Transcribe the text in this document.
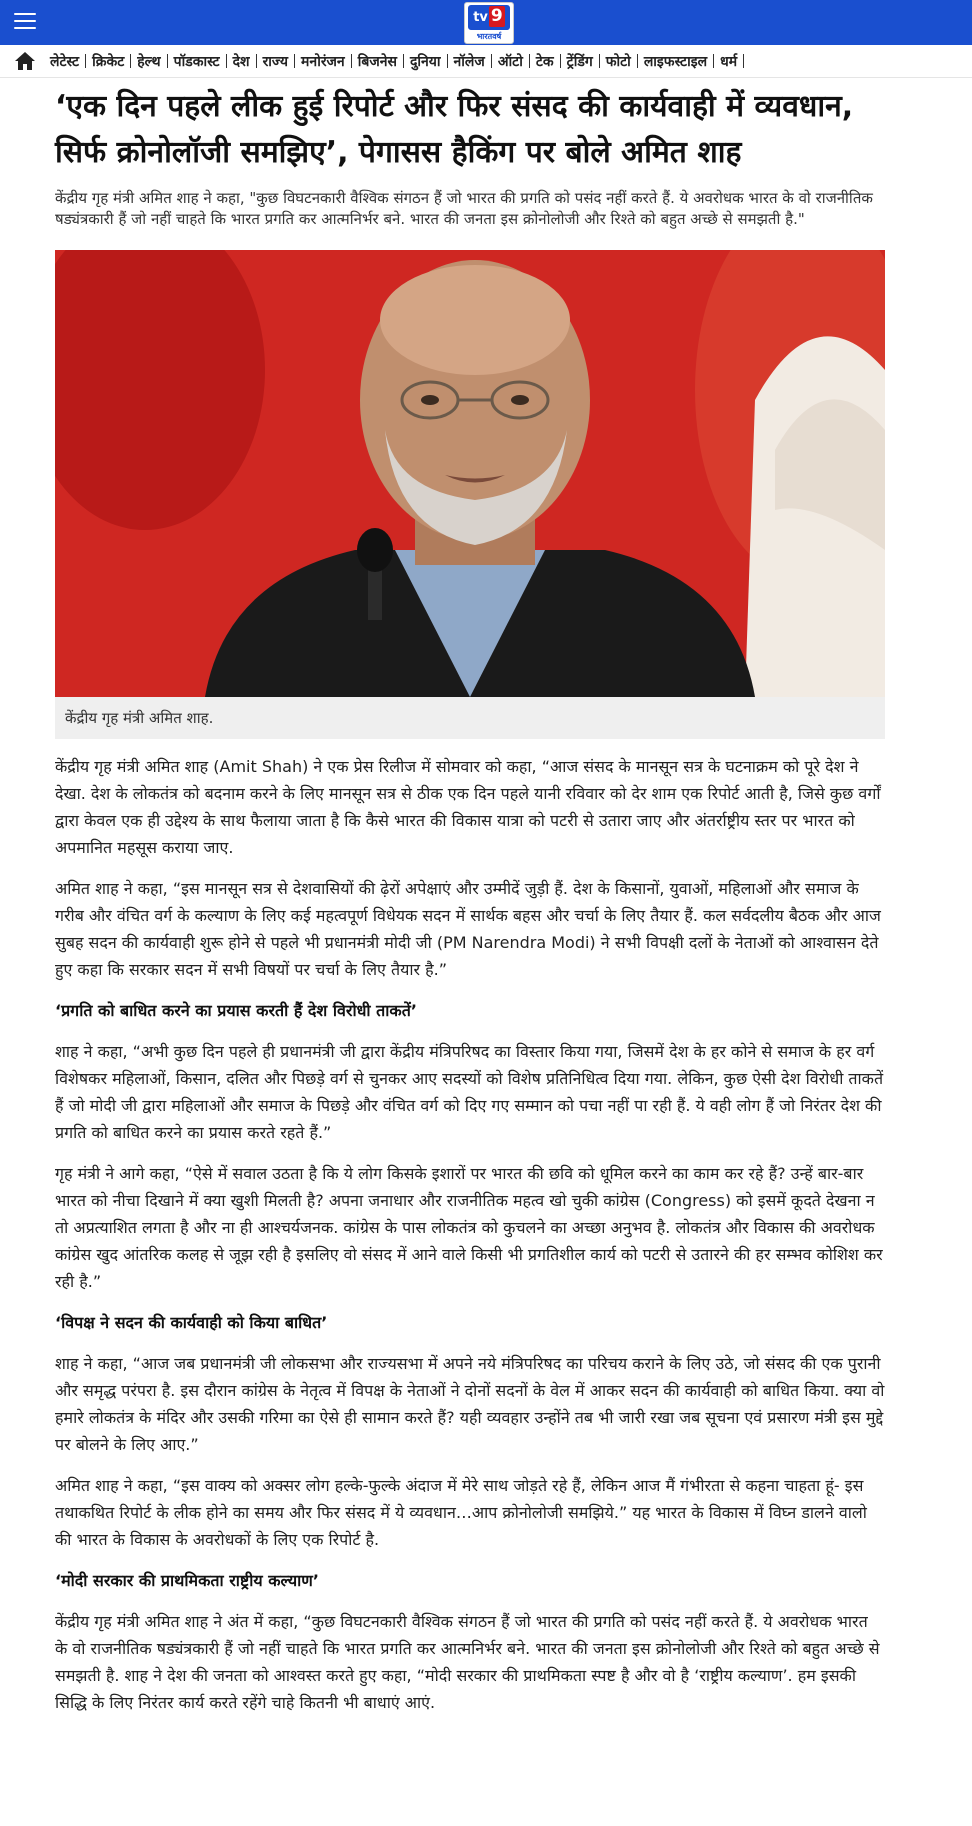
tv 9
भारतवर्ष
लेटेस्ट क्रिकेट हेल्थ पॉडकास्ट देश राज्य मनोरंजन बिजनेस दुनिया नॉलेज ऑटो टेक ट्रेंडिंग फोटो लाइफस्टाइल धर्म
‘एक दिन पहले लीक हुई रिपोर्ट और फिर संसद की कार्यवाही में व्यवधान, सिर्फ क्रोनोलॉजी समझिए’, पेगासस हैकिंग पर बोले अमित शाह

केंद्रीय गृह मंत्री अमित शाह ने कहा, "कुछ विघटनकारी वैश्विक संगठन हैं जो भारत की प्रगति को पसंद नहीं करते हैं. ये अवरोधक भारत के वो राजनीतिक षड्यंत्रकारी हैं जो नहीं चाहते कि भारत प्रगति कर आत्मनिर्भर बने. भारत की जनता इस क्रोनोलोजी और रिश्ते को बहुत अच्छे से समझती है."

केंद्रीय गृह मंत्री अमित शाह.

केंद्रीय गृह मंत्री अमित शाह (Amit Shah) ने एक प्रेस रिलीज में सोमवार को कहा, “आज संसद के मानसून सत्र के घटनाक्रम को पूरे देश ने देखा. देश के लोकतंत्र को बदनाम करने के लिए मानसून सत्र से ठीक एक दिन पहले यानी रविवार को देर शाम एक रिपोर्ट आती है, जिसे कुछ वर्गों द्वारा केवल एक ही उद्देश्य के साथ फैलाया जाता है कि कैसे भारत की विकास यात्रा को पटरी से उतारा जाए और अंतर्राष्ट्रीय स्तर पर भारत को अपमानित महसूस कराया जाए.

अमित शाह ने कहा, “इस मानसून सत्र से देशवासियों की ढ़ेरों अपेक्षाएं और उम्मीदें जुड़ी हैं. देश के किसानों, युवाओं, महिलाओं और समाज के गरीब और वंचित वर्ग के कल्याण के लिए कई महत्वपूर्ण विधेयक सदन में सार्थक बहस और चर्चा के लिए तैयार हैं. कल सर्वदलीय बैठक और आज सुबह सदन की कार्यवाही शुरू होने से पहले भी प्रधानमंत्री मोदी जी (PM Narendra Modi) ने सभी विपक्षी दलों के नेताओं को आश्वासन देते हुए कहा कि सरकार सदन में सभी विषयों पर चर्चा के लिए तैयार है.”

‘प्रगति को बाधित करने का प्रयास करती हैं देश विरोधी ताकतें’

शाह ने कहा, “अभी कुछ दिन पहले ही प्रधानमंत्री जी द्वारा केंद्रीय मंत्रिपरिषद का विस्तार किया गया, जिसमें देश के हर कोने से समाज के हर वर्ग विशेषकर महिलाओं, किसान, दलित और पिछड़े वर्ग से चुनकर आए सदस्यों को विशेष प्रतिनिधित्व दिया गया. लेकिन, कुछ ऐसी देश विरोधी ताकतें हैं जो मोदी जी द्वारा महिलाओं और समाज के पिछड़े और वंचित वर्ग को दिए गए सम्मान को पचा नहीं पा रही हैं. ये वही लोग हैं जो निरंतर देश की प्रगति को बाधित करने का प्रयास करते रहते हैं.”

गृह मंत्री ने आगे कहा, “ऐसे में सवाल उठता है कि ये लोग किसके इशारों पर भारत की छवि को धूमिल करने का काम कर रहे हैं? उन्हें बार-बार भारत को नीचा दिखाने में क्या खुशी मिलती है? अपना जनाधार और राजनीतिक महत्व खो चुकी कांग्रेस (Congress) को इसमें कूदते देखना न तो अप्रत्याशित लगता है और ना ही आश्चर्यजनक. कांग्रेस के पास लोकतंत्र को कुचलने का अच्छा अनुभव है. लोकतंत्र और विकास की अवरोधक कांग्रेस खुद आंतरिक कलह से जूझ रही है इसलिए वो संसद में आने वाले किसी भी प्रगतिशील कार्य को पटरी से उतारने की हर सम्भव कोशिश कर रही है.”

‘विपक्ष ने सदन की कार्यवाही को किया बाधित’

शाह ने कहा, “आज जब प्रधानमंत्री जी लोकसभा और राज्यसभा में अपने नये मंत्रिपरिषद का परिचय कराने के लिए उठे, जो संसद की एक पुरानी और समृद्ध परंपरा है. इस दौरान कांग्रेस के नेतृत्व में विपक्ष के नेताओं ने दोनों सदनों के वेल में आकर सदन की कार्यवाही को बाधित किया. क्या वो हमारे लोकतंत्र के मंदिर और उसकी गरिमा का ऐसे ही सामान करते हैं? यही व्यवहार उन्होंने तब भी जारी रखा जब सूचना एवं प्रसारण मंत्री इस मुद्दे पर बोलने के लिए आए.”

अमित शाह ने कहा, “इस वाक्य को अक्सर लोग हल्के-फुल्के अंदाज में मेरे साथ जोड़ते रहे हैं, लेकिन आज मैं गंभीरता से कहना चाहता हूं- इस तथाकथित रिपोर्ट के लीक होने का समय और फिर संसद में ये व्यवधान…आप क्रोनोलोजी समझिये.” यह भारत के विकास में विघ्न डालने वालो की भारत के विकास के अवरोधकों के लिए एक रिपोर्ट है.

‘मोदी सरकार की प्राथमिकता राष्ट्रीय कल्याण’

केंद्रीय गृह मंत्री अमित शाह ने अंत में कहा, “कुछ विघटनकारी वैश्विक संगठन हैं जो भारत की प्रगति को पसंद नहीं करते हैं. ये अवरोधक भारत के वो राजनीतिक षड्यंत्रकारी हैं जो नहीं चाहते कि भारत प्रगति कर आत्मनिर्भर बने. भारत की जनता इस क्रोनोलोजी और रिश्ते को बहुत अच्छे से समझती है. शाह ने देश की जनता को आश्वस्त करते हुए कहा, “मोदी सरकार की प्राथमिकता स्पष्ट है और वो है ‘राष्ट्रीय कल्याण’. हम इसकी सिद्धि के लिए निरंतर कार्य करते रहेंगे चाहे कितनी भी बाधाएं आएं.
